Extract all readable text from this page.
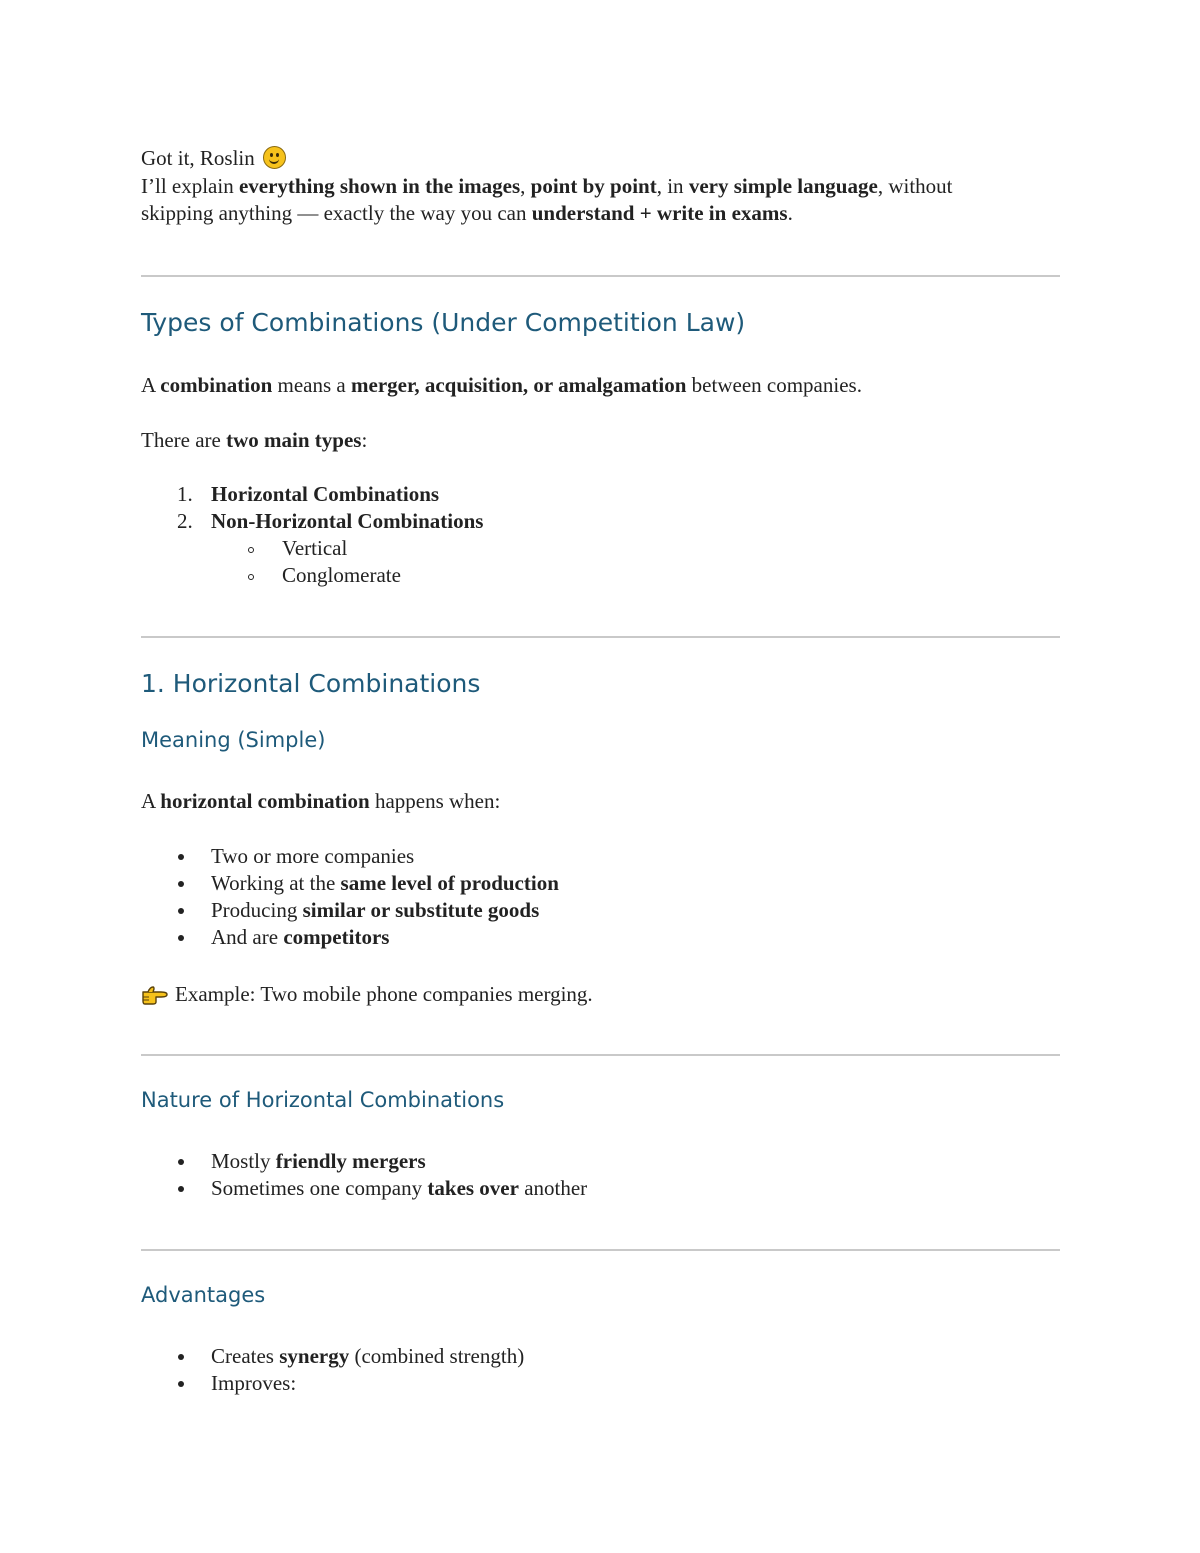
Got it, Roslin

I’ll explain everything shown in the images, point by point, in very simple language, without

skipping anything — exactly the way you can understand + write in exams.

Types of Combinations (Under Competition Law)

A combination means a merger, acquisition, or amalgamation between companies.

There are two main types:

1. Horizontal Combinations
2. Non-Horizontal Combinations
Vertical
Conglomerate
1. Horizontal Combinations
Meaning (Simple)

A horizontal combination happens when:

Two or more companies
Working at the same level of production
Producing similar or substitute goods
And are competitors

Example: Two mobile phone companies merging.

Nature of Horizontal Combinations
Mostly friendly mergers
Sometimes one company takes over another
Advantages
Creates synergy (combined strength)
Improves:
